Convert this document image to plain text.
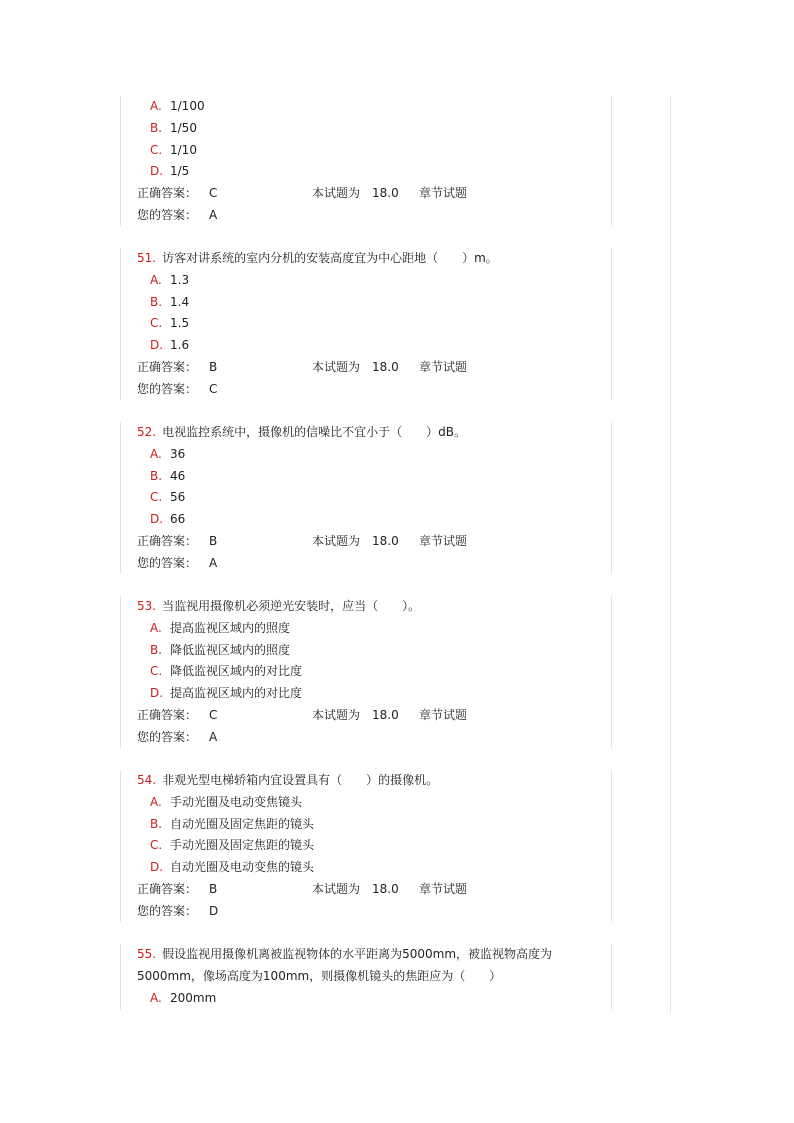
A. 1/100
B. 1/50
C. 1/10
D. 1/5
正确答案： C	本试题为　18.0 章节试题
您的答案： A
51. 访客对讲系统的室内分机的安装高度宜为中心距地（　　）m。
A. 1.3
B. 1.4
C. 1.5
D. 1.6
正确答案： B	本试题为　18.0 章节试题
您的答案： C
52. 电视监控系统中，摄像机的信噪比不宜小于（　　）dB。
A. 36
B. 46
C. 56
D. 66
正确答案： B	本试题为　18.0 章节试题
您的答案： A
53. 当监视用摄像机必须逆光安装时，应当（　　）。
A. 提高监视区域内的照度
B. 降低监视区域内的照度
C. 降低监视区域内的对比度
D. 提高监视区域内的对比度
正确答案： C	本试题为　18.0 章节试题
您的答案： A
54. 非观光型电梯轿箱内宜设置具有（　　）的摄像机。
A. 手动光圈及电动变焦镜头
B. 自动光圈及固定焦距的镜头
C. 手动光圈及固定焦距的镜头
D. 自动光圈及电动变焦的镜头
正确答案： B	本试题为　18.0 章节试题
您的答案： D
55. 假设监视用摄像机离被监视物体的水平距离为5000mm，被监视物高度为5000mm，像场高度为100mm，则摄像机镜头的焦距应为（　　）
A. 200mm
